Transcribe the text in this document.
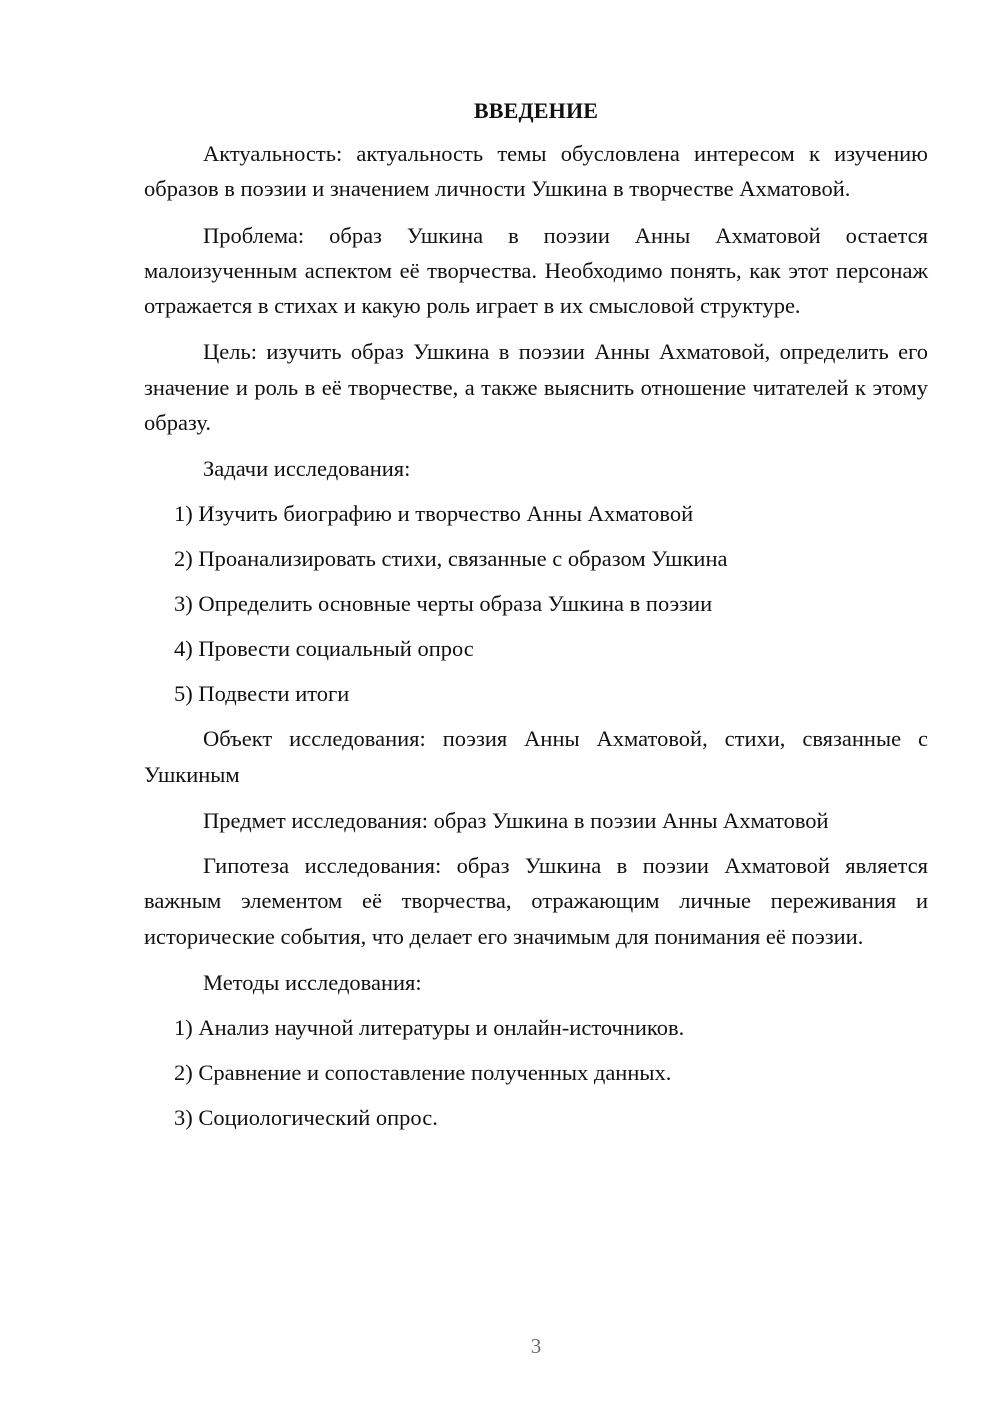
ВВЕДЕНИЕ

Актуальность: актуальность темы обусловлена интересом к изучению образов в поэзии и значением личности Ушкина в творчестве Ахматовой.

Проблема: образ Ушкина в поэзии Анны Ахматовой остается малоизученным аспектом её творчества. Необходимо понять, как этот персонаж отражается в стихах и какую роль играет в их смысловой структуре.

Цель: изучить образ Ушкина в поэзии Анны Ахматовой, определить его значение и роль в её творчестве, а также выяснить отношение читателей к этому образу.

Задачи исследования:

1) Изучить биографию и творчество Анны Ахматовой
2) Проанализировать стихи, связанные с образом Ушкина
3) Определить основные черты образа Ушкина в поэзии
4) Провести социальный опрос
5) Подвести итоги

Объект исследования: поэзия Анны Ахматовой, стихи, связанные с Ушкиным

Предмет исследования: образ Ушкина в поэзии Анны Ахматовой

Гипотеза исследования: образ Ушкина в поэзии Ахматовой является важным элементом её творчества, отражающим личные переживания и исторические события, что делает его значимым для понимания её поэзии.

Методы исследования:

1) Анализ научной литературы и онлайн-источников.
2) Сравнение и сопоставление полученных данных.
3) Социологический опрос.
3
